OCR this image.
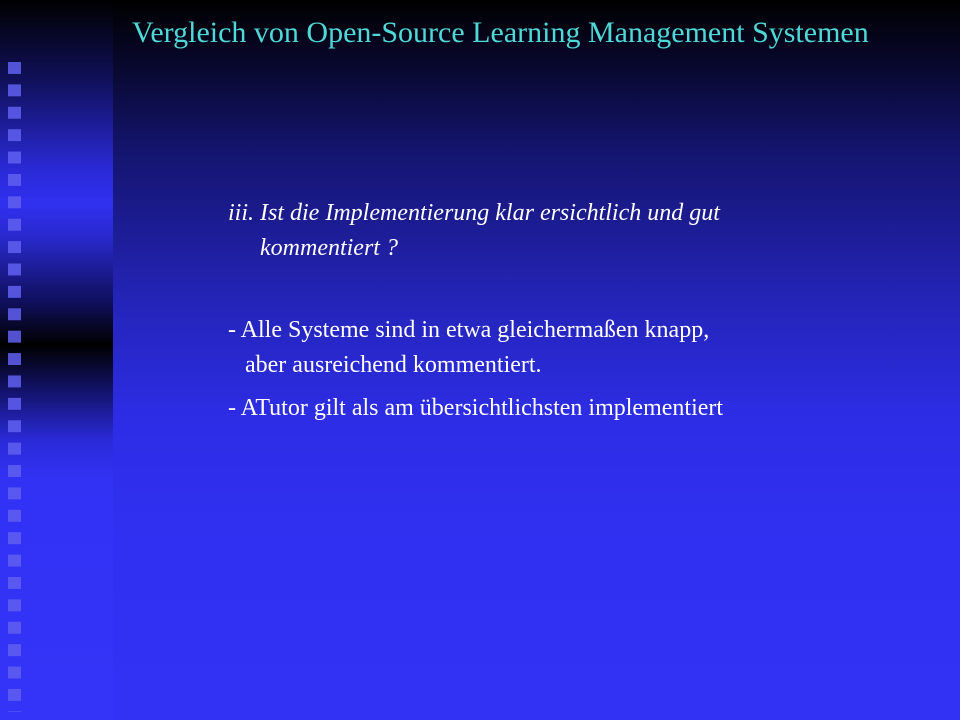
Vergleich von Open-Source Learning Management Systemen

iii. Ist die Implementierung klar ersichtlich und gut
kommentiert ?

- Alle Systeme sind in etwa gleichermaßen knapp,
aber ausreichend kommentiert.

- ATutor gilt als am übersichtlichsten implementiert
